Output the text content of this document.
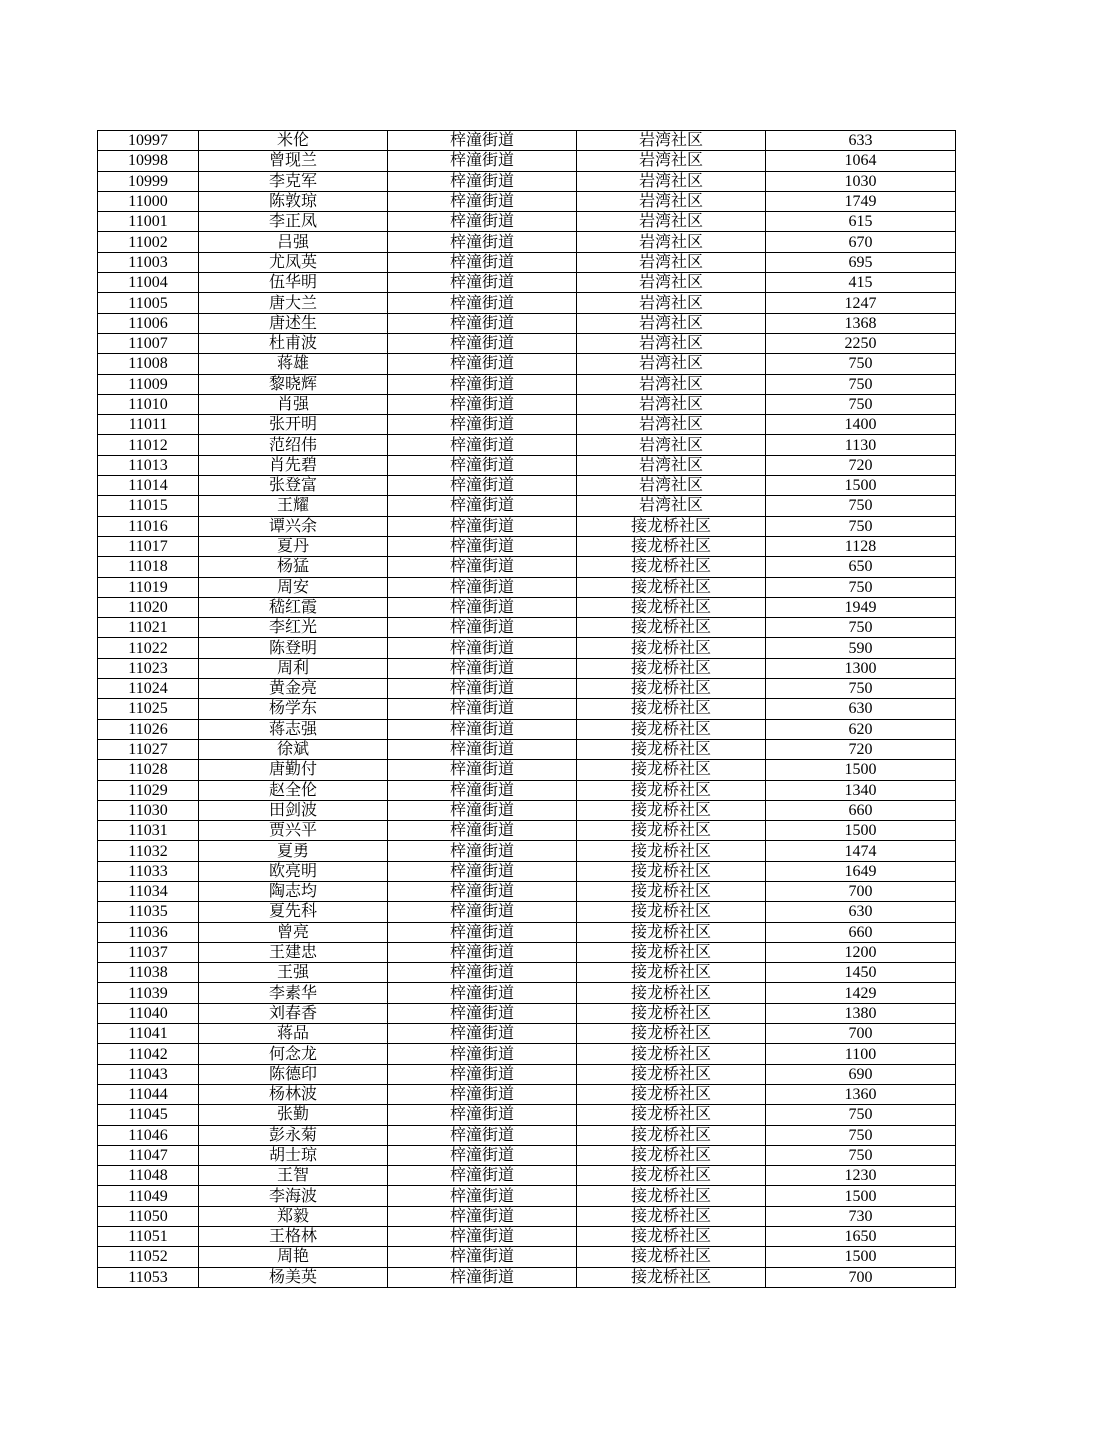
10997	米伦	梓潼街道	岩湾社区	633
10998	曾现兰	梓潼街道	岩湾社区	1064
10999	李克军	梓潼街道	岩湾社区	1030
11000	陈敦琼	梓潼街道	岩湾社区	1749
11001	李正凤	梓潼街道	岩湾社区	615
11002	吕强	梓潼街道	岩湾社区	670
11003	尤凤英	梓潼街道	岩湾社区	695
11004	伍华明	梓潼街道	岩湾社区	415
11005	唐大兰	梓潼街道	岩湾社区	1247
11006	唐述生	梓潼街道	岩湾社区	1368
11007	杜甫波	梓潼街道	岩湾社区	2250
11008	蒋雄	梓潼街道	岩湾社区	750
11009	黎晓辉	梓潼街道	岩湾社区	750
11010	肖强	梓潼街道	岩湾社区	750
11011	张开明	梓潼街道	岩湾社区	1400
11012	范绍伟	梓潼街道	岩湾社区	1130
11013	肖先碧	梓潼街道	岩湾社区	720
11014	张登富	梓潼街道	岩湾社区	1500
11015	王耀	梓潼街道	岩湾社区	750
11016	谭兴余	梓潼街道	接龙桥社区	750
11017	夏丹	梓潼街道	接龙桥社区	1128
11018	杨猛	梓潼街道	接龙桥社区	650
11019	周安	梓潼街道	接龙桥社区	750
11020	嵇红霞	梓潼街道	接龙桥社区	1949
11021	李红光	梓潼街道	接龙桥社区	750
11022	陈登明	梓潼街道	接龙桥社区	590
11023	周利	梓潼街道	接龙桥社区	1300
11024	黄金亮	梓潼街道	接龙桥社区	750
11025	杨学东	梓潼街道	接龙桥社区	630
11026	蒋志强	梓潼街道	接龙桥社区	620
11027	徐斌	梓潼街道	接龙桥社区	720
11028	唐勤付	梓潼街道	接龙桥社区	1500
11029	赵全伦	梓潼街道	接龙桥社区	1340
11030	田剑波	梓潼街道	接龙桥社区	660
11031	贾兴平	梓潼街道	接龙桥社区	1500
11032	夏勇	梓潼街道	接龙桥社区	1474
11033	欧亮明	梓潼街道	接龙桥社区	1649
11034	陶志均	梓潼街道	接龙桥社区	700
11035	夏先科	梓潼街道	接龙桥社区	630
11036	曾亮	梓潼街道	接龙桥社区	660
11037	王建忠	梓潼街道	接龙桥社区	1200
11038	王强	梓潼街道	接龙桥社区	1450
11039	李素华	梓潼街道	接龙桥社区	1429
11040	刘春香	梓潼街道	接龙桥社区	1380
11041	蒋品	梓潼街道	接龙桥社区	700
11042	何念龙	梓潼街道	接龙桥社区	1100
11043	陈德印	梓潼街道	接龙桥社区	690
11044	杨林波	梓潼街道	接龙桥社区	1360
11045	张勤	梓潼街道	接龙桥社区	750
11046	彭永菊	梓潼街道	接龙桥社区	750
11047	胡士琼	梓潼街道	接龙桥社区	750
11048	王智	梓潼街道	接龙桥社区	1230
11049	李海波	梓潼街道	接龙桥社区	1500
11050	郑毅	梓潼街道	接龙桥社区	730
11051	王格林	梓潼街道	接龙桥社区	1650
11052	周艳	梓潼街道	接龙桥社区	1500
11053	杨美英	梓潼街道	接龙桥社区	700
